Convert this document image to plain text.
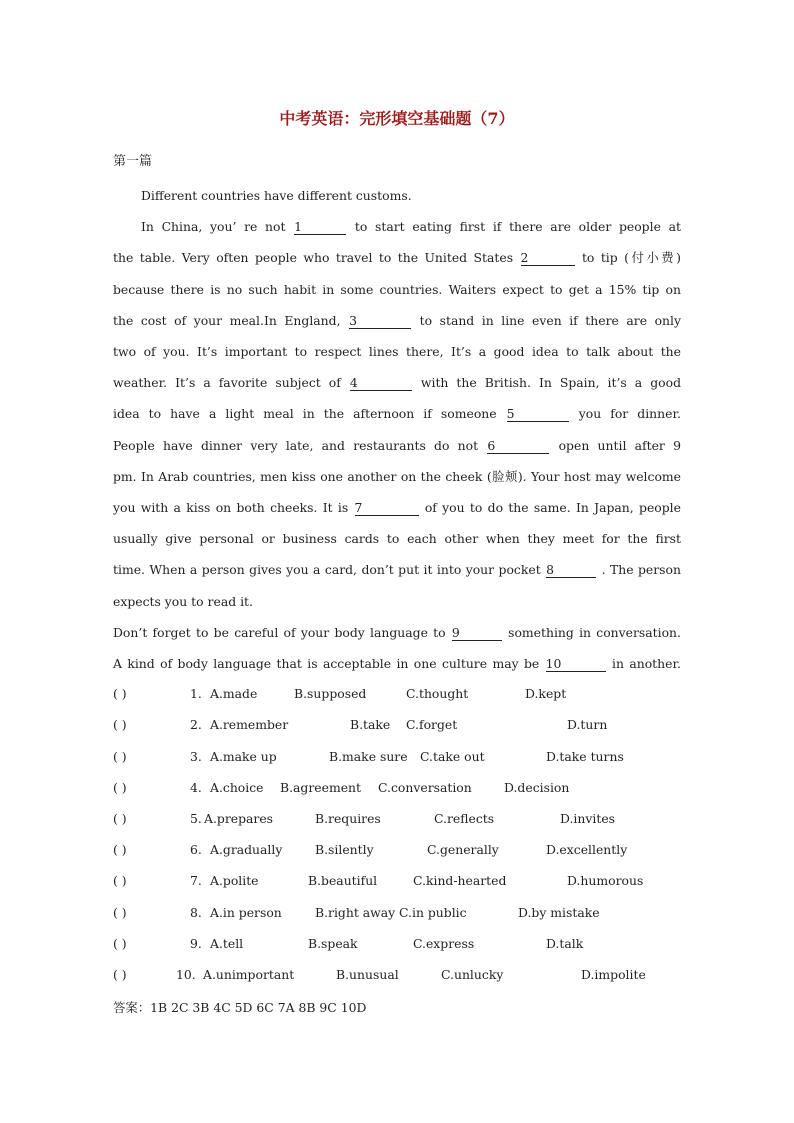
中考英语：完形填空基础题（7）
第一篇
Different countries have different customs.
In China, you’ re not 1	to start eating first if there are older people at
the table. Very often people who travel to the United States 2	to tip (付小费)
because there is no such habit in some countries. Waiters expect to get a 15% tip on
the cost of your meal.In England, 3	to stand in line even if there are only
two of you. It’s important to respect lines there, It’s a good idea to talk about the
weather. It’s a favorite subject of 4	with the British. In Spain, it’s a good
idea to have a light meal in the afternoon if someone 5	you for dinner.
People have dinner very late, and restaurants do not 6	open until after 9
pm. In Arab countries, men kiss one another on the cheek (脸颊). Your host may welcome
you with a kiss on both cheeks. It is 7	of you to do the same. In Japan, people
usually give personal or business cards to each other when they meet for the first
time. When a person gives you a card, don’t put it into your pocket 8	. The person
expects you to read it.
Don’t forget to be careful of your body language to 9	something in conversation.
A kind of body language that is acceptable in one culture may be 10	in another.
( )	1. A.made	B.supposed	C.thought	D.kept
( )	2. A.remember	B.take C.forget	D.turn
( )	3. A.make up	B.make sure C.take out	D.take turns
( )	4. A.choice B.agreement C.conversation	D.decision
( )	5. A.prepares	B.requires	C.reflects	D.invites
( )	6. A.gradually	B.silently	C.generally	D.excellently
( )	7. A.polite	B.beautiful	C.kind-hearted	D.humorous
( )	8. A.in person	B.right away C.in public	D.by mistake
( )	9. A.tell	B.speak	C.express	D.talk
( )	10. A.unimportant	B.unusual	C.unlucky	D.impolite
答案：1B 2C 3B 4C 5D 6C 7A 8B 9C 10D
